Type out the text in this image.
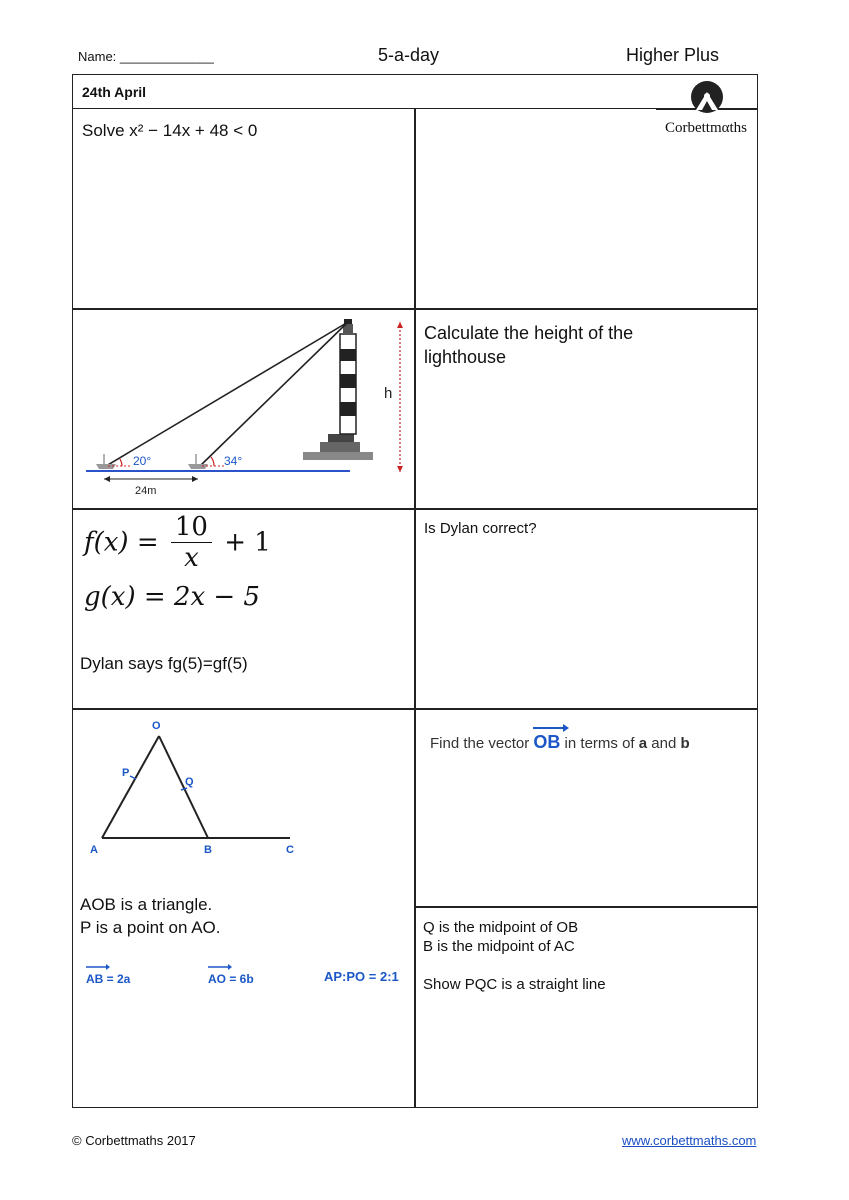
Name: _____________	5-a-day	Higher Plus
24th April
Corbettmαths
Solve x² − 14x + 48 < 0
20°	34°
24m
h
Calculate the height of the
lighthouse
$f(x) = \frac{10}{x} + 1$
g(x) = 2x − 5
Dylan says fg(5)=gf(5)
Is Dylan correct?
O
P
Q
A	B	C
AOB is a triangle.
P is a point on AO.
AB = 2a	AO = 6b	AP:PO = 2:1
Find the vector
OB in terms of a and b
Q is the midpoint of OB
B is the midpoint of AC
Show PQC is a straight line
© Corbettmaths 2017	www.corbettmaths.com
